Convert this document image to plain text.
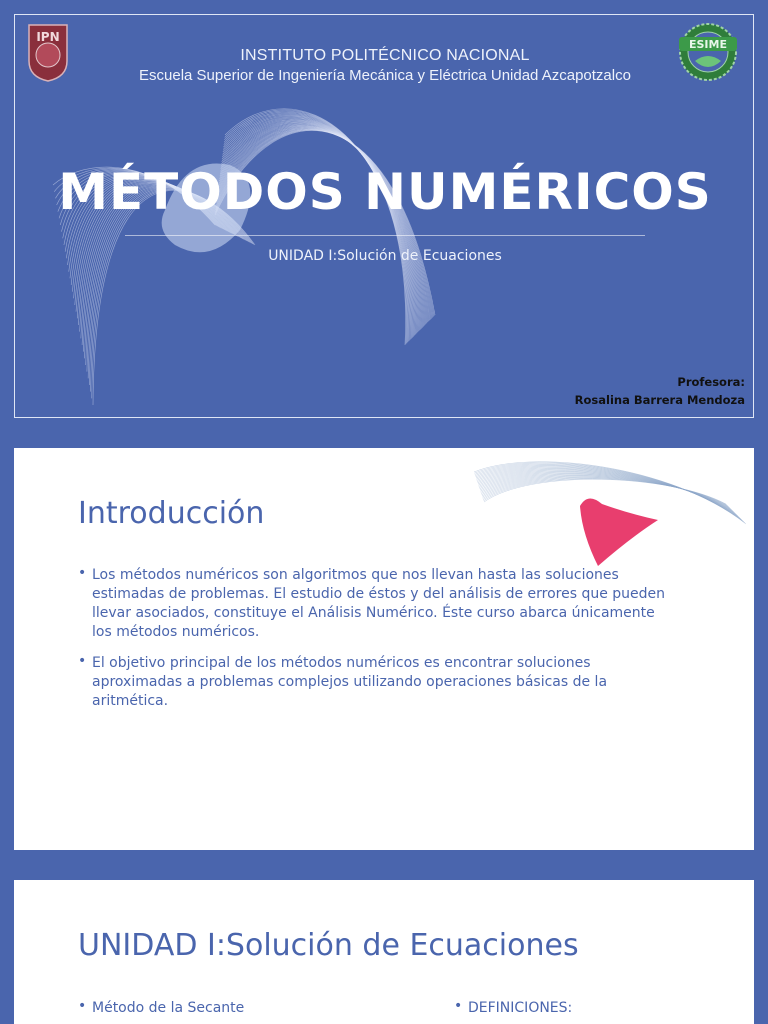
IPN
ESIME
INSTITUTO POLITÉCNICO NACIONAL
Escuela Superior de Ingeniería Mecánica y Eléctrica Unidad Azcapotzalco
MÉTODOS NUMÉRICOS
UNIDAD I:Solución de Ecuaciones
Profesora:
Rosalina Barrera Mendoza
Introducción
• Los métodos numéricos son algoritmos que nos llevan hasta las soluciones estimadas de problemas. El estudio de éstos y del análisis de errores que pueden llevar asociados, constituye el Análisis Numérico. Éste curso abarca únicamente los métodos numéricos.
• El objetivo principal de los métodos numéricos es encontrar soluciones aproximadas a problemas complejos utilizando operaciones básicas de la aritmética.
UNIDAD I:Solución de Ecuaciones
• Método de la Secante	• DEFINICIONES:
